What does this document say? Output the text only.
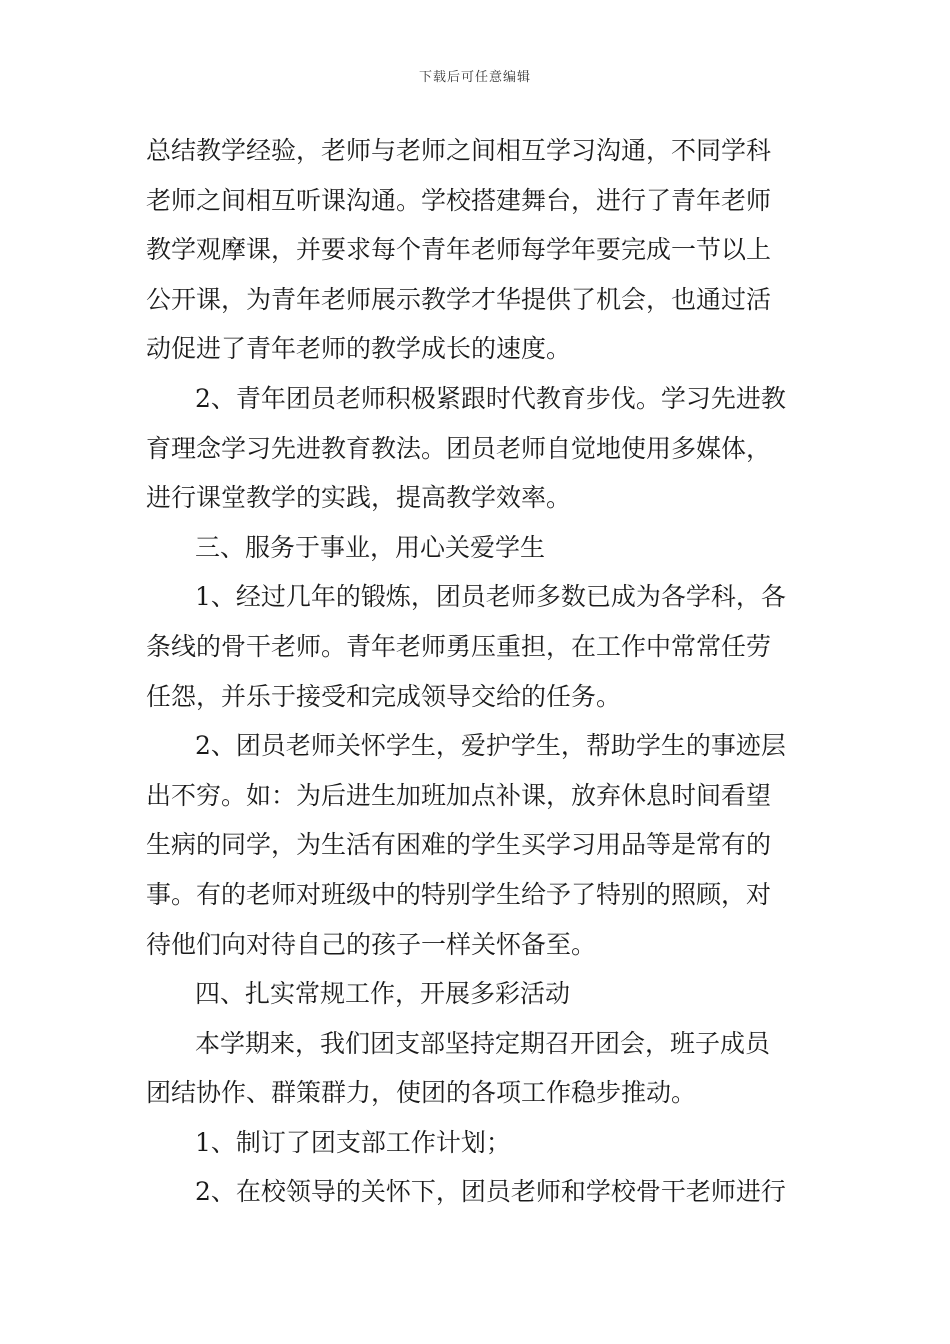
下载后可任意编辑
总结教学经验，老师与老师之间相互学习沟通，不同学科
老师之间相互听课沟通。学校搭建舞台，进行了青年老师
教学观摩课，并要求每个青年老师每学年要完成一节以上
公开课，为青年老师展示教学才华提供了机会，也通过活
动促进了青年老师的教学成长的速度。
2、青年团员老师积极紧跟时代教育步伐。学习先进教
育理念学习先进教育教法。团员老师自觉地使用多媒体，
进行课堂教学的实践，提高教学效率。
三、服务于事业，用心关爱学生
1、经过几年的锻炼，团员老师多数已成为各学科，各
条线的骨干老师。青年老师勇压重担，在工作中常常任劳
任怨，并乐于接受和完成领导交给的任务。
2、团员老师关怀学生，爱护学生，帮助学生的事迹层
出不穷。如：为后进生加班加点补课，放弃休息时间看望
生病的同学，为生活有困难的学生买学习用品等是常有的
事。有的老师对班级中的特别学生给予了特别的照顾，对
待他们向对待自己的孩子一样关怀备至。
四、扎实常规工作，开展多彩活动
本学期来，我们团支部坚持定期召开团会，班子成员
团结协作、群策群力，使团的各项工作稳步推动。
1、制订了团支部工作计划；
2、在校领导的关怀下，团员老师和学校骨干老师进行
